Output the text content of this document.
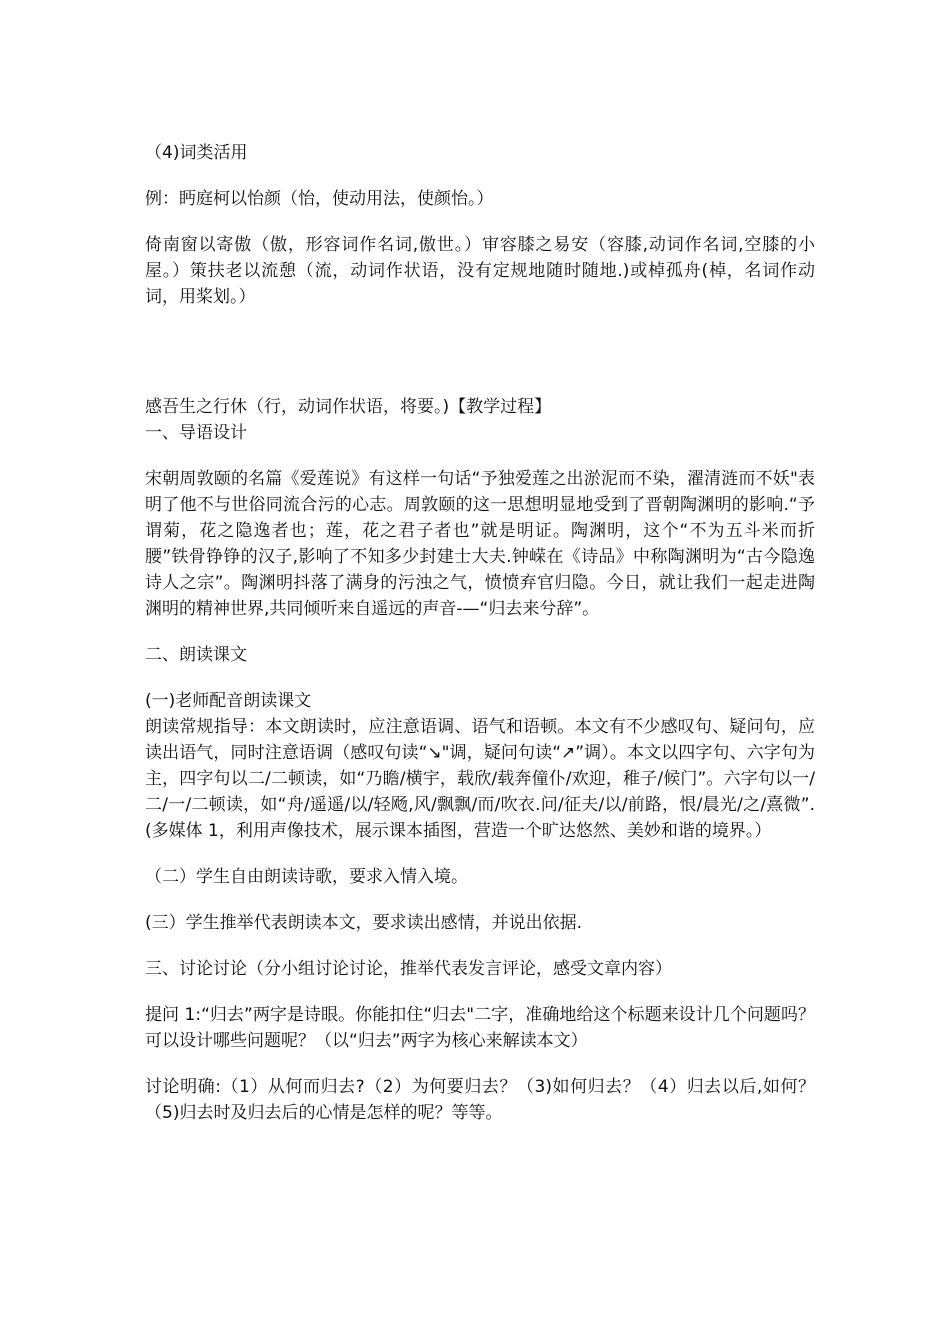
（4)词类活用

例：眄庭柯以怡颜（怡，使动用法，使颜怡。）

倚南窗以寄傲（傲，形容词作名词,傲世。）审容膝之易安（容膝,动词作名词,空膝的小屋。）策扶老以流憩（流，动词作状语，没有定规地随时随地.)或棹孤舟(棹，名词作动词，用桨划。）

感吾生之行休（行，动词作状语，将要。)【教学过程】

一、导语设计

宋朝周敦颐的名篇《爱莲说》有这样一句话“予独爱莲之出淤泥而不染，濯清涟而不妖"表明了他不与世俗同流合污的心志。周敦颐的这一思想明显地受到了晋朝陶渊明的影响.“予谓菊，花之隐逸者也；莲，花之君子者也”就是明证。陶渊明，这个“不为五斗米而折腰”铁骨铮铮的汉子,影响了不知多少封建士大夫.钟嵘在《诗品》中称陶渊明为“古今隐逸诗人之宗”。陶渊明抖落了满身的污浊之气，愤愤弃官归隐。今日，就让我们一起走进陶渊明的精神世界,共同倾听来自遥远的声音-—“归去来兮辞”。

二、朗读课文

(一)老师配音朗读课文

朗读常规指导：本文朗读时，应注意语调、语气和语顿。本文有不少感叹句、疑问句，应读出语气，同时注意语调（感叹句读“↘"调，疑问句读“↗”调）。本文以四字句、六字句为主，四字句以二/二顿读，如“乃瞻/横宇，载欣/载奔僮仆/欢迎，稚子/候门”。六字句以一/二/一/二顿读，如“舟/遥遥/以/轻飏,风/飘飘/而/吹衣.问/征夫/以/前路，恨/晨光/之/熹微”.(多媒体 1，利用声像技术，展示课本插图，营造一个旷达悠然、美妙和谐的境界。）

（二）学生自由朗读诗歌，要求入情入境。

(三）学生推举代表朗读本文，要求读出感情，并说出依据.

三、讨论讨论（分小组讨论讨论，推举代表发言评论，感受文章内容）

提问 1:“归去”两字是诗眼。你能扣住“归去"二字，准确地给这个标题来设计几个问题吗？可以设计哪些问题呢？（以“归去”两字为核心来解读本文）

讨论明确:（1）从何而归去?（2）为何要归去？（3)如何归去？（4）归去以后,如何？（5)归去时及归去后的心情是怎样的呢？等等。
